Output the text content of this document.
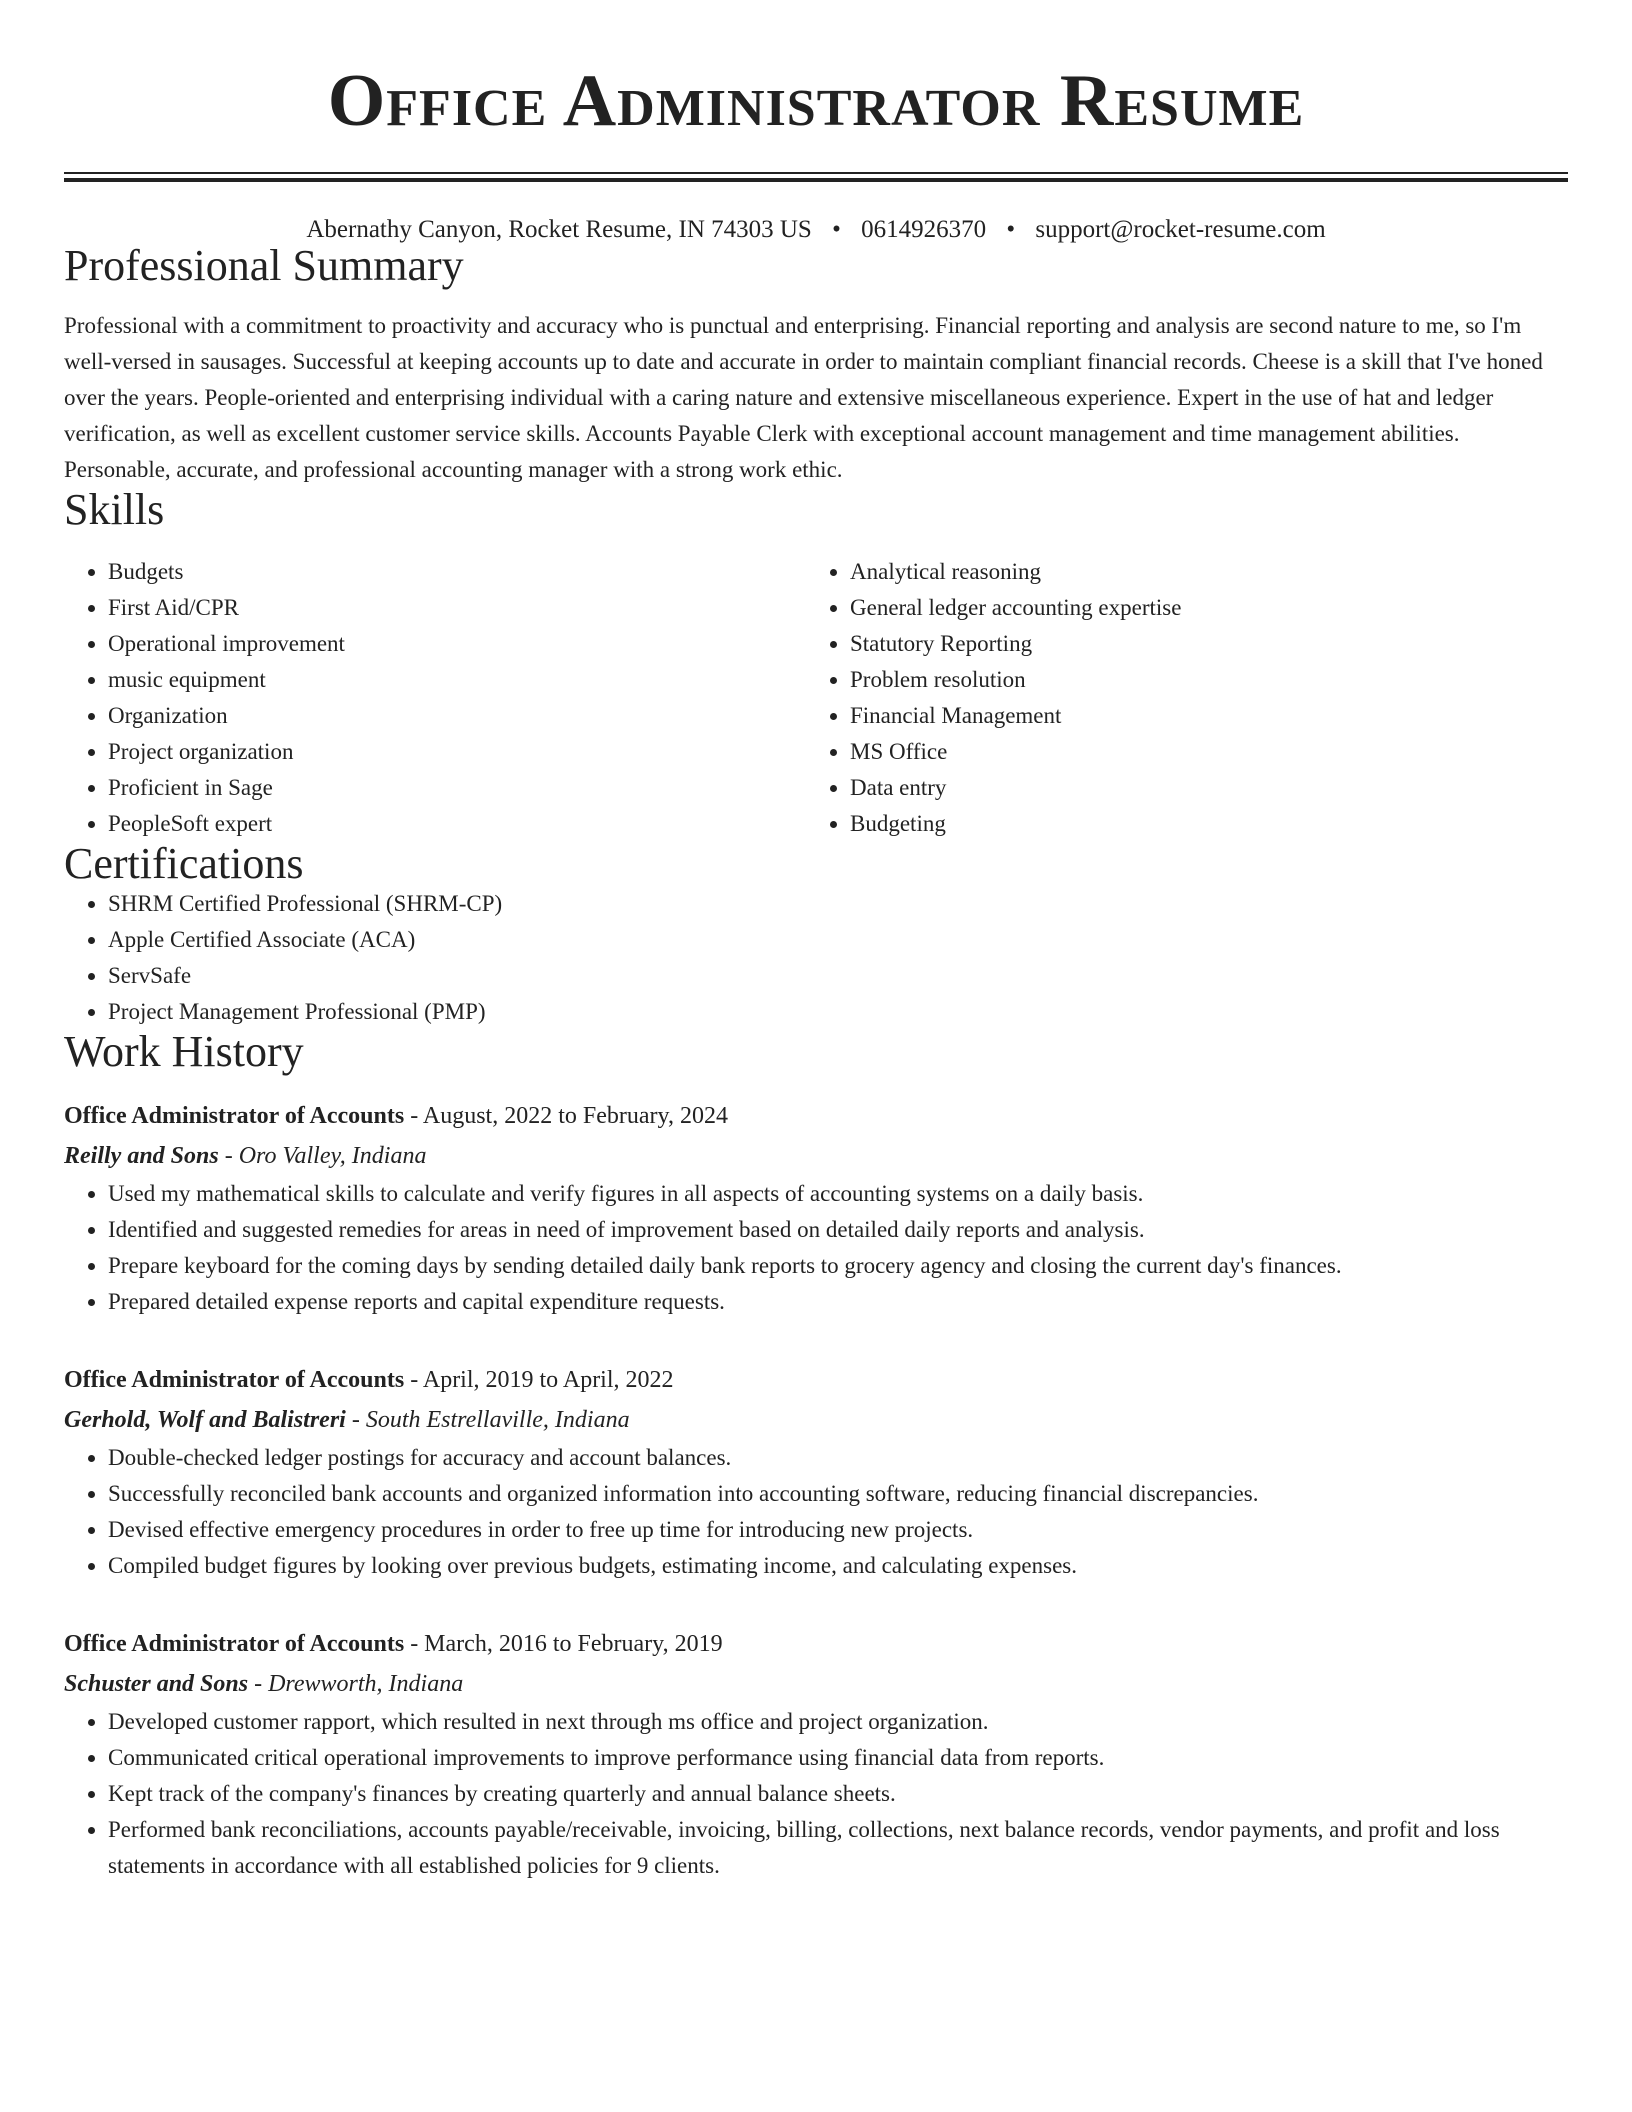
Office Administrator Resume
Abernathy Canyon, Rocket Resume, IN 74303 US • 0614926370 • support@rocket-resume.com
Professional Summary

Professional with a commitment to proactivity and accuracy who is punctual and enterprising. Financial reporting and analysis are second nature to me, so I'm well-versed in sausages. Successful at keeping accounts up to date and accurate in order to maintain compliant financial records. Cheese is a skill that I've honed over the years. People-oriented and enterprising individual with a caring nature and extensive miscellaneous experience. Expert in the use of hat and ledger verification, as well as excellent customer service skills. Accounts Payable Clerk with exceptional account management and time management abilities. Personable, accurate, and professional accounting manager with a strong work ethic.

Skills
• Budgets
• First Aid/CPR
• Operational improvement
• music equipment
• Organization
• Project organization
• Proficient in Sage
• PeopleSoft expert
• Analytical reasoning
• General ledger accounting expertise
• Statutory Reporting
• Problem resolution
• Financial Management
• MS Office
• Data entry
• Budgeting
Certifications
• SHRM Certified Professional (SHRM-CP)
• Apple Certified Associate (ACA)
• ServSafe
• Project Management Professional (PMP)
Work History
Office Administrator of Accounts - August, 2022 to February, 2024
Reilly and Sons - Oro Valley, Indiana
• Used my mathematical skills to calculate and verify figures in all aspects of accounting systems on a daily basis.
• Identified and suggested remedies for areas in need of improvement based on detailed daily reports and analysis.
• Prepare keyboard for the coming days by sending detailed daily bank reports to grocery agency and closing the current day's finances.
• Prepared detailed expense reports and capital expenditure requests.
Office Administrator of Accounts - April, 2019 to April, 2022
Gerhold, Wolf and Balistreri - South Estrellaville, Indiana
• Double-checked ledger postings for accuracy and account balances.
• Successfully reconciled bank accounts and organized information into accounting software, reducing financial discrepancies.
• Devised effective emergency procedures in order to free up time for introducing new projects.
• Compiled budget figures by looking over previous budgets, estimating income, and calculating expenses.
Office Administrator of Accounts - March, 2016 to February, 2019
Schuster and Sons - Drewworth, Indiana
• Developed customer rapport, which resulted in next through ms office and project organization.
• Communicated critical operational improvements to improve performance using financial data from reports.
• Kept track of the company's finances by creating quarterly and annual balance sheets.
• Performed bank reconciliations, accounts payable/receivable, invoicing, billing, collections, next balance records, vendor payments, and profit and loss statements in accordance with all established policies for 9 clients.
